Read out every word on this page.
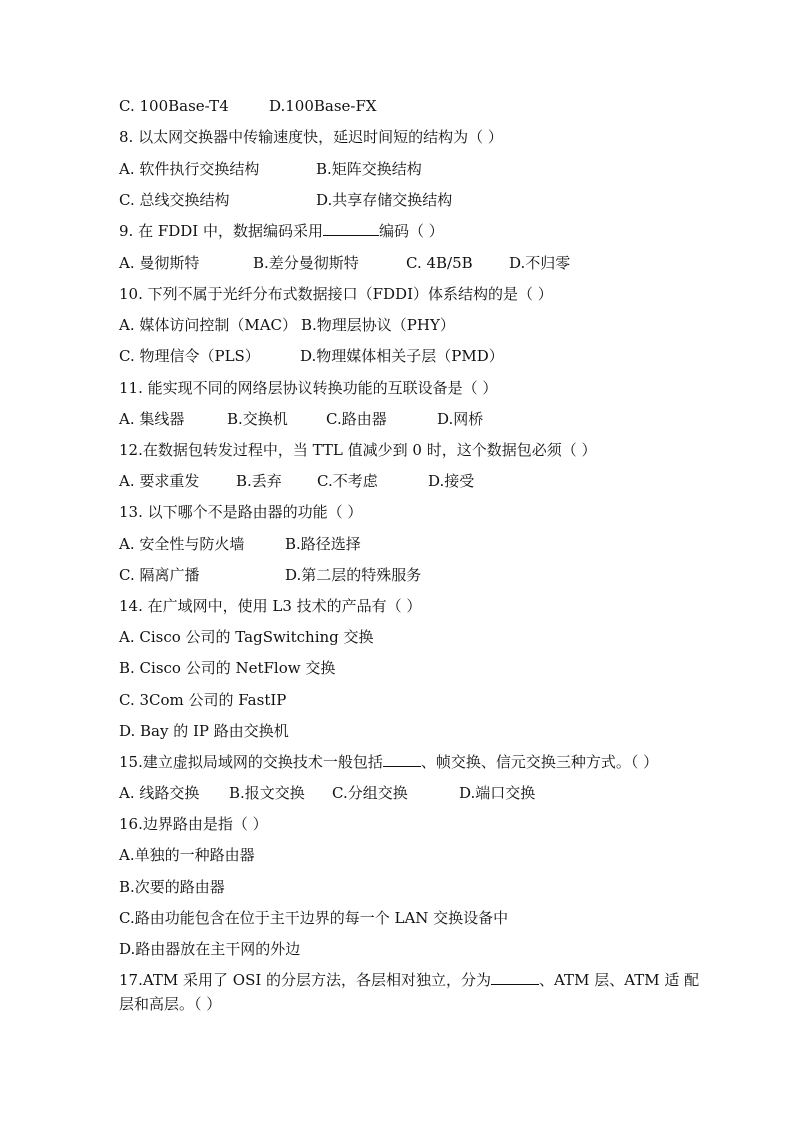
C. 100Base-T4	D.100Base-FX
8. 以太网交换器中传输速度快，延迟时间短的结构为（ ）
A. 软件执行交换结构	B.矩阵交换结构
C. 总线交换结构	D.共享存储交换结构
9. 在 FDDI 中，数据编码采用	编码（ ）
A. 曼彻斯特	B.差分曼彻斯特	C. 4B/5B D.不归零
10. 下列不属于光纤分布式数据接口（FDDI）体系结构的是（ ）
A. 媒体访问控制（MAC） B.物理层协议（PHY）
C. 物理信令（PLS）	D.物理媒体相关子层（PMD）
11. 能实现不同的网络层协议转换功能的互联设备是（ ）
A. 集线器	B.交换机	C.路由器	D.网桥
12.在数据包转发过程中，当 TTL 值减少到 0 时，这个数据包必须（ ）
A. 要求重发 B.丢弃 C.不考虑	D.接受
13. 以下哪个不是路由器的功能（ ）
A. 安全性与防火墙	B.路径选择
C. 隔离广播	D.第二层的特殊服务
14. 在广域网中，使用 L3 技术的产品有（ ）
A. Cisco 公司的 TagSwitching 交换
B. Cisco 公司的 NetFlow 交换
C. 3Com 公司的 FastIP
D. Bay 的 IP 路由交换机
15.建立虚拟局域网的交换技术一般包括	、帧交换、信元交换三种方式。（ ）
A. 线路交换 B.报文交换 C.分组交换	D.端口交换
16.边界路由是指（ ）
A.单独的一种路由器
B.次要的路由器
C.路由功能包含在位于主干边界的每一个 LAN 交换设备中
D.路由器放在主干网的外边
17.ATM 采用了 OSI 的分层方法，各层相对独立，分为	、ATM 层、ATM 适 配
层和高层。（ ）
